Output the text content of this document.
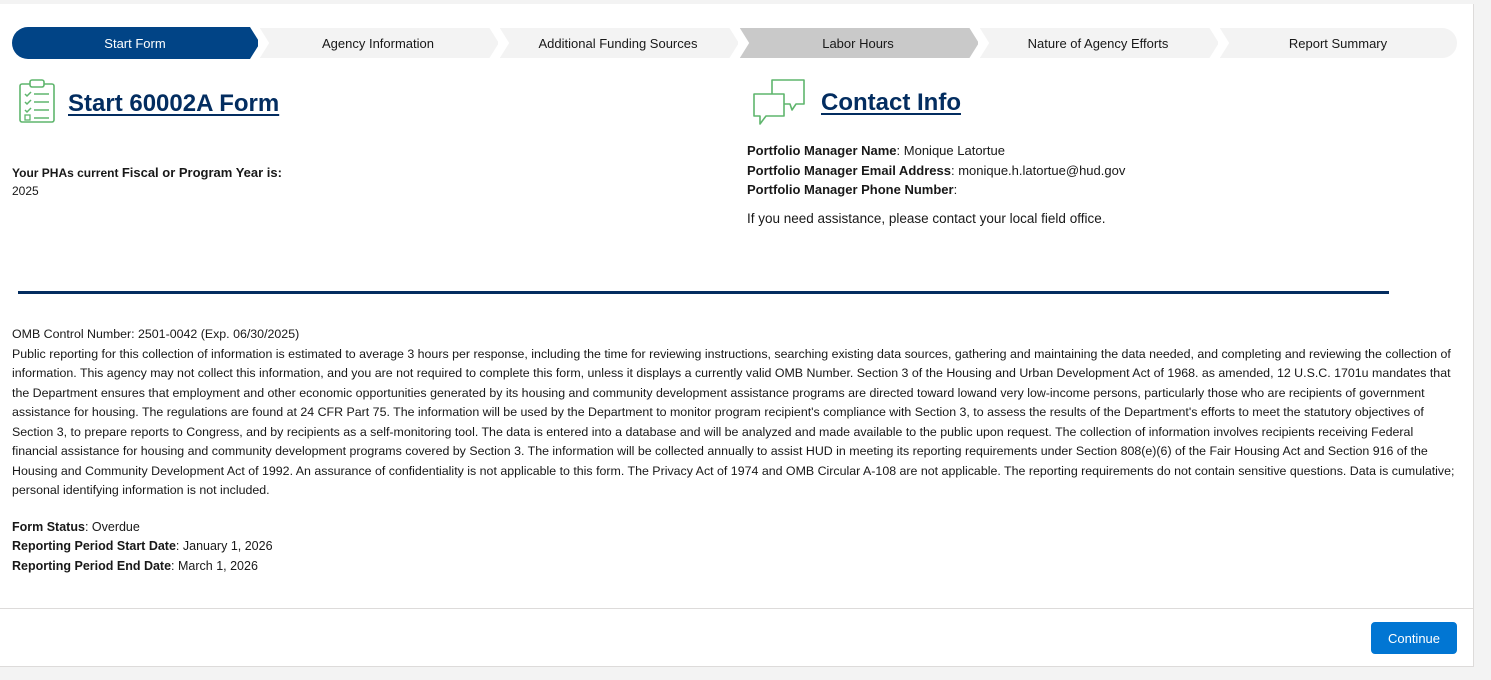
Start Form	Agency Information	Additional Funding Sources	Labor Hours	Nature of Agency Efforts	Report Summary
Start 60002A Form
Your PHAs current Fiscal or Program Year is:
2025
Contact Info
Portfolio Manager Name: Monique Latortue
Portfolio Manager Email Address: monique.h.latortue@hud.gov
Portfolio Manager Phone Number:
If you need assistance, please contact your local field office.
OMB Control Number: 2501-0042 (Exp. 06/30/2025)
Public reporting for this collection of information is estimated to average 3 hours per response, including the time for reviewing instructions, searching existing data sources, gathering and maintaining the data needed, and completing and reviewing the collection of information. This agency may not collect this information, and you are not required to complete this form, unless it displays a currently valid OMB Number. Section 3 of the Housing and Urban Development Act of 1968. as amended, 12 U.S.C. 1701u mandates that the Department ensures that employment and other economic opportunities generated by its housing and community development assistance programs are directed toward lowand very low-income persons, particularly those who are recipients of government assistance for housing. The regulations are found at 24 CFR Part 75. The information will be used by the Department to monitor program recipient's compliance with Section 3, to assess the results of the Department's efforts to meet the statutory objectives of Section 3, to prepare reports to Congress, and by recipients as a self-monitoring tool. The data is entered into a database and will be analyzed and made available to the public upon request. The collection of information involves recipients receiving Federal financial assistance for housing and community development programs covered by Section 3. The information will be collected annually to assist HUD in meeting its reporting requirements under Section 808(e)(6) of the Fair Housing Act and Section 916 of the Housing and Community Development Act of 1992. An assurance of confidentiality is not applicable to this form. The Privacy Act of 1974 and OMB Circular A-108 are not applicable. The reporting requirements do not contain sensitive questions. Data is cumulative; personal identifying information is not included.
Form Status: Overdue
Reporting Period Start Date: January 1, 2026
Reporting Period End Date: March 1, 2026
Continue
